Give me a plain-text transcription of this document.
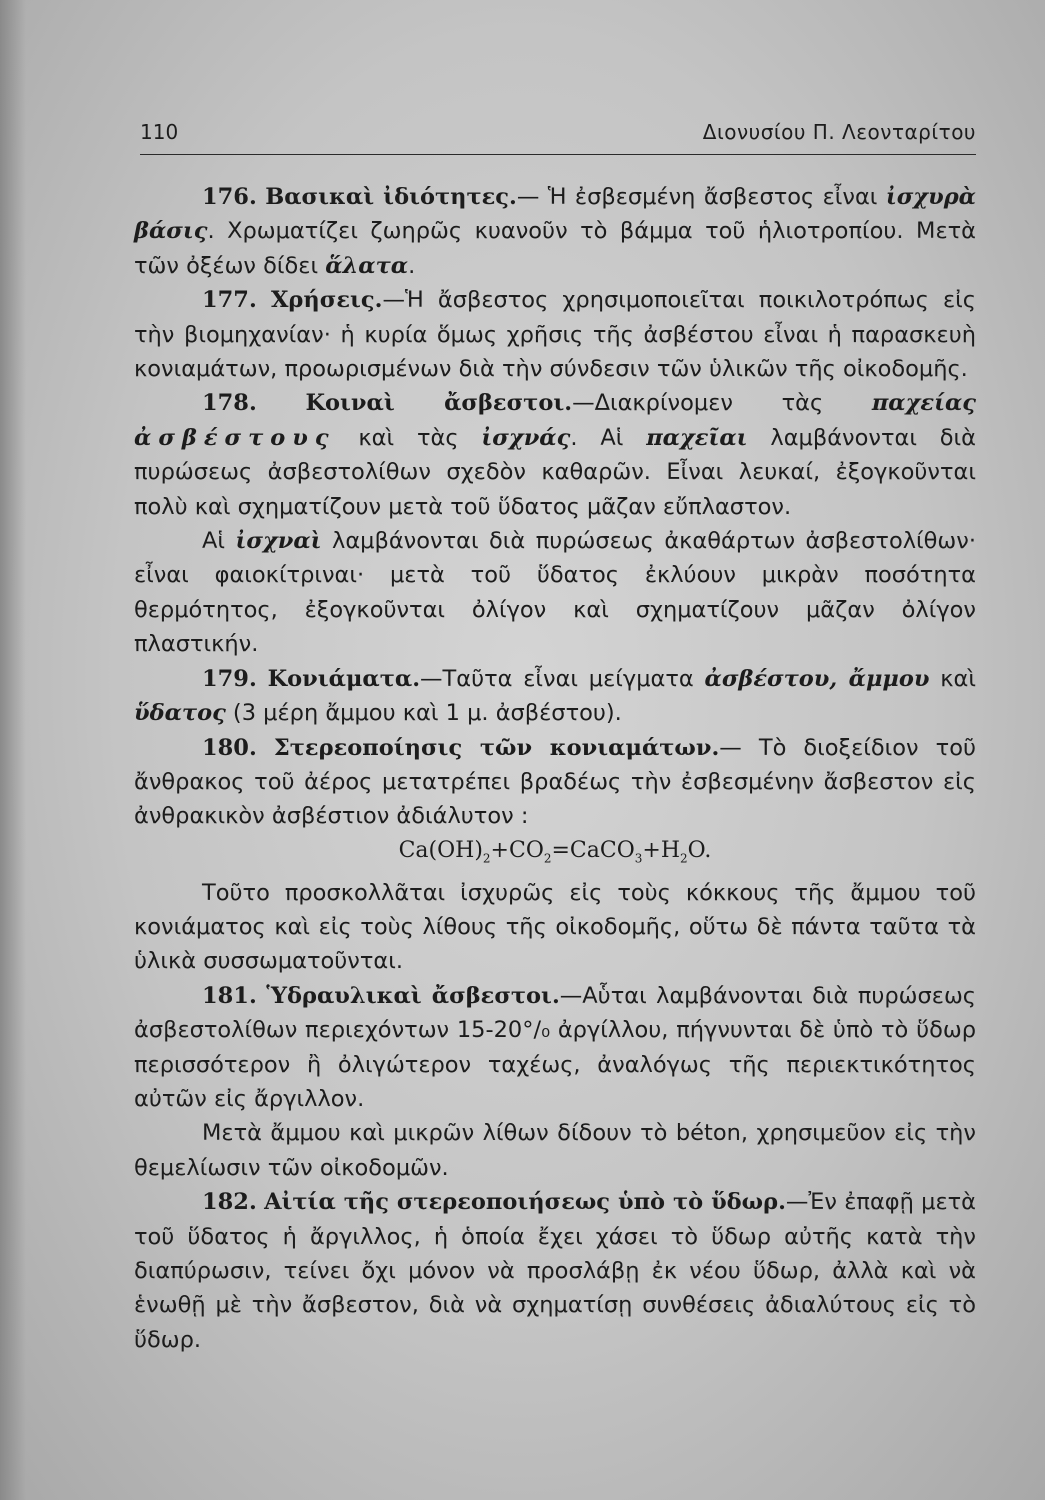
110	Διονυσίου Π. Λεονταρίτου

176. Βασικαὶ ἰδιότητες.— Ἡ ἐσβεσμένη ἄσβεστος εἶναι ἰσχυρὰ βάσις. Χρωματίζει ζωηρῶς κυανοῦν τὸ βάμμα τοῦ ἡλιοτροπίου. Μετὰ τῶν ὀξέων δίδει ἅλατα.

177. Χρήσεις.—Ἡ ἄσβεστος χρησιμοποιεῖται ποικιλοτρόπως εἰς τὴν βιομηχανίαν· ἡ κυρία ὅμως χρῆσις τῆς ἀσβέστου εἶναι ἡ παρασκευὴ κονιαμάτων, προωρισμένων διὰ τὴν σύνδεσιν τῶν ὑλικῶν τῆς οἰκοδομῆς.

178. Κοιναὶ ἄσβεστοι.—Διακρίνομεν τὰς παχείας ἀσβέστους καὶ τὰς ἰσχνάς. Αἱ παχεῖαι λαμβάνονται διὰ πυρώσεως ἀσβεστολίθων σχεδὸν καθαρῶν. Εἶναι λευκαί, ἐξογκοῦνται πολὺ καὶ σχηματίζουν μετὰ τοῦ ὕδατος μᾶζαν εὔπλαστον.

Αἱ ἰσχναὶ λαμβάνονται διὰ πυρώσεως ἀκαθάρτων ἀσβεστολίθων· εἶναι φαιοκίτριναι· μετὰ τοῦ ὕδατος ἐκλύουν μικρὰν ποσότητα θερμότητος, ἐξογκοῦνται ὀλίγον καὶ σχηματίζουν μᾶζαν ὀλίγον πλαστικήν.

179. Κονιάματα.—Ταῦτα εἶναι μείγματα ἀσβέστου, ἄμμου καὶ ὕδατος (3 μέρη ἄμμου καὶ 1 μ. ἀσβέστου).

180. Στερεοποίησις τῶν κονιαμάτων.— Τὸ διοξείδιον τοῦ ἄνθρακος τοῦ ἀέρος μετατρέπει βραδέως τὴν ἐσβεσμένην ἄσβεστον εἰς ἀνθρακικὸν ἀσβέστιον ἀδιάλυτον :

$Ca(OH)_2+CO_2=CaCO_3+H_2O$.

Τοῦτο προσκολλᾶται ἰσχυρῶς εἰς τοὺς κόκκους τῆς ἄμμου τοῦ κονιάματος καὶ εἰς τοὺς λίθους τῆς οἰκοδομῆς, οὕτω δὲ πάντα ταῦτα τὰ ὑλικὰ συσσωματοῦνται.

181. Ὑδραυλικαὶ ἄσβεστοι.—Αὗται λαμβάνονται διὰ πυρώσεως ἀσβεστολίθων περιεχόντων 15-20°/₀ ἀργίλλου, πήγνυνται δὲ ὑπὸ τὸ ὕδωρ περισσότερον ἢ ὀλιγώτερον ταχέως, ἀναλόγως τῆς περιεκτικότητος αὐτῶν εἰς ἄργιλλον.

Μετὰ ἄμμου καὶ μικρῶν λίθων δίδουν τὸ béton, χρησιμεῦον εἰς τὴν θεμελίωσιν τῶν οἰκοδομῶν.

182. Αἰτία τῆς στερεοποιήσεως ὑπὸ τὸ ὕδωρ.—Ἐν ἐπαφῇ μετὰ τοῦ ὕδατος ἡ ἄργιλλος, ἡ ὁποία ἔχει χάσει τὸ ὕδωρ αὐτῆς κατὰ τὴν διαπύρωσιν, τείνει ὄχι μόνον νὰ προσλάβῃ ἐκ νέου ὕδωρ, ἀλλὰ καὶ νὰ ἑνωθῇ μὲ τὴν ἄσβεστον, διὰ νὰ σχηματίσῃ συνθέσεις ἀδιαλύτους εἰς τὸ ὕδωρ.
